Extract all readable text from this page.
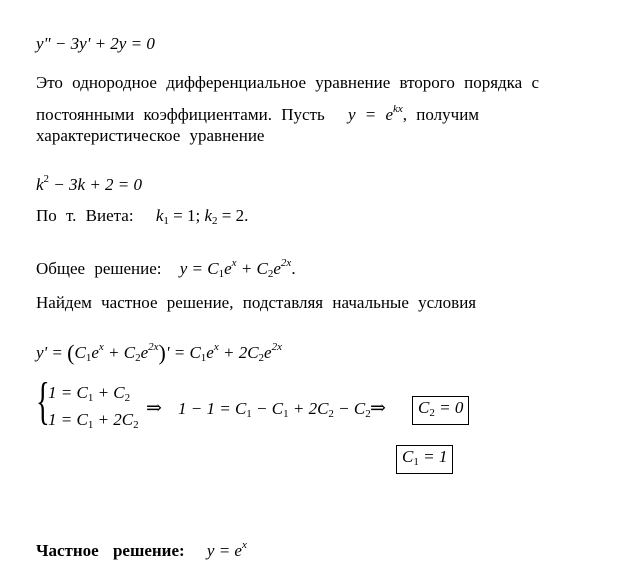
y" − 3y' + 2y = 0
Это однородное дифференциальное уравнение второго порядка с
постоянными коэффициентами. Пусть $y = e^{kx}$, получим
характеристическое уравнение
$k^2 - 3k + 2 = 0$
По т. Виета: $k_1 = 1$; $k_2 = 2$.
Общее решение: $y = C_1e^x + C_2e^{2x}$.
Найдем частное решение, подставляя начальные условия
$y' = (C_1e^x + C_2e^{2x})' = C_1e^x + 2C_2e^{2x}$
{
$1 = C_1 + C_2$
$1 = C_1 + 2C_2$
⇒ $1 - 1 = C_1 - C_1 + 2C_2 - C_2$ ⇒	$C_2 = 0$
$C_1 = 1$
Частное решение: $y = e^x$
